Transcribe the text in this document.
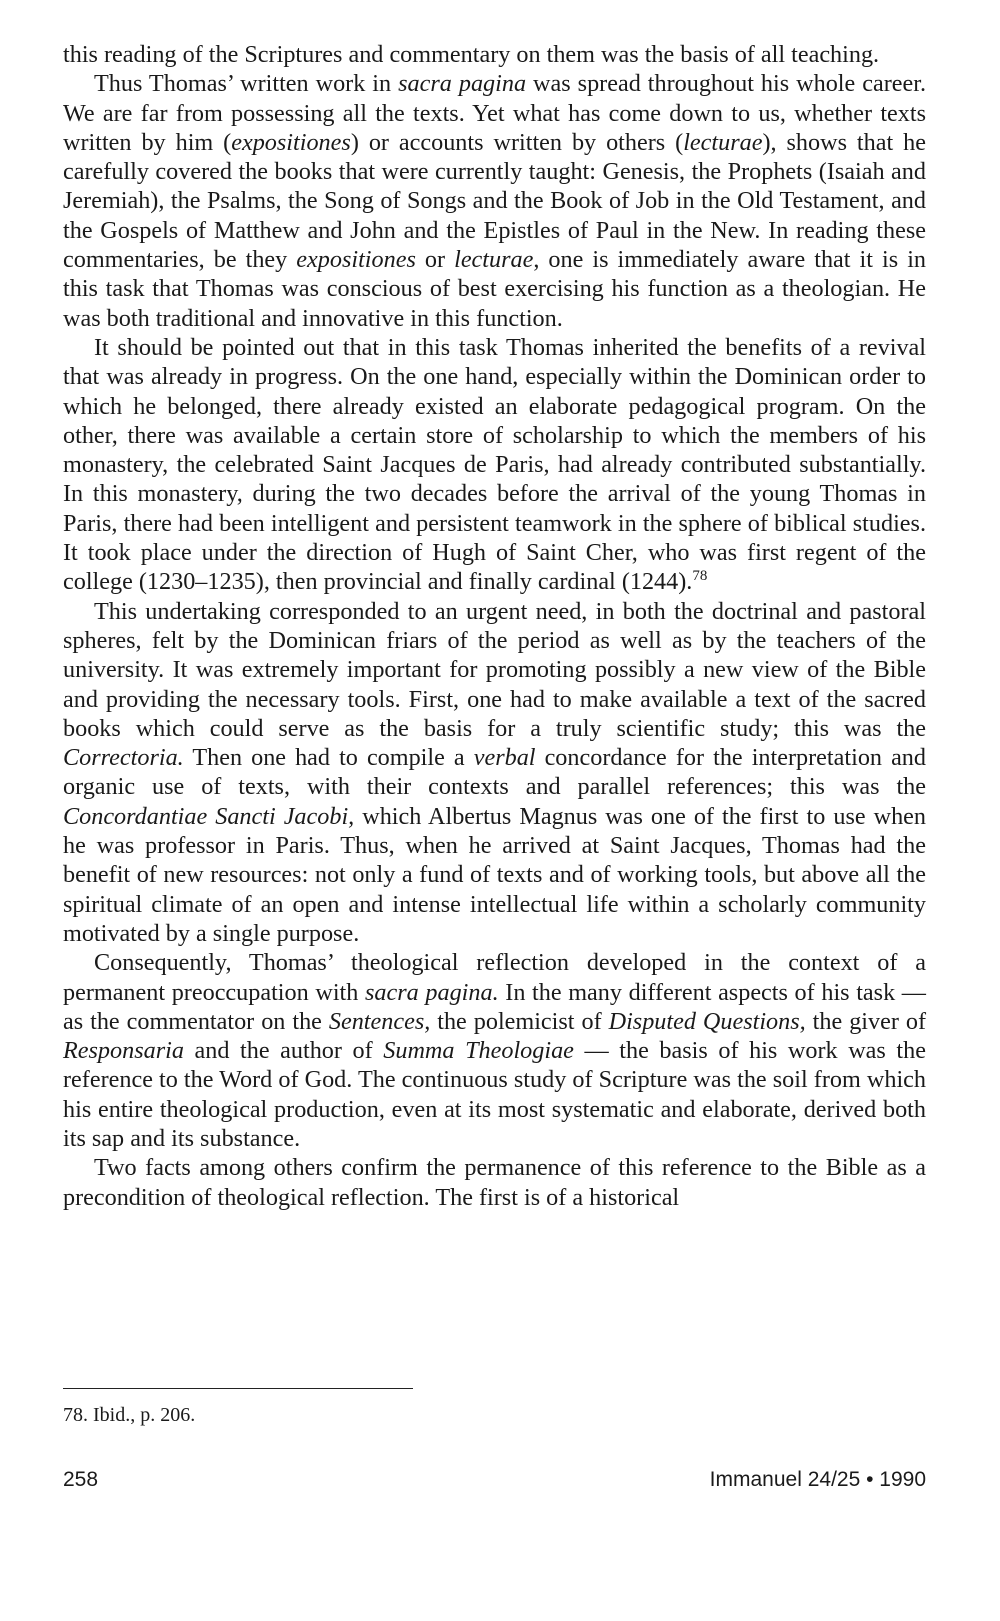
this reading of the Scriptures and commentary on them was the basis of all teaching.

Thus Thomas’ written work in sacra pagina was spread throughout his whole career. We are far from possessing all the texts. Yet what has come down to us, whether texts written by him (expositiones) or accounts written by others (lecturae), shows that he carefully covered the books that were currently taught: Genesis, the Prophets (Isaiah and Jeremiah), the Psalms, the Song of Songs and the Book of Job in the Old Testament, and the Gospels of Matthew and John and the Epistles of Paul in the New. In reading these commentaries, be they expositiones or lecturae, one is immediately aware that it is in this task that Thomas was conscious of best exercising his function as a theologian. He was both traditional and innovative in this function.

It should be pointed out that in this task Thomas inherited the benefits of a revival that was already in progress. On the one hand, especially within the Dominican order to which he belonged, there already existed an elaborate pedagogical program. On the other, there was available a certain store of scholarship to which the members of his monastery, the celebrated Saint Jacques de Paris, had already contributed substantially. In this monastery, during the two decades before the arrival of the young Thomas in Paris, there had been intelligent and persistent teamwork in the sphere of biblical studies. It took place under the direction of Hugh of Saint Cher, who was first regent of the college (1230–1235), then provincial and finally cardinal (1244).$^{78}$

This undertaking corresponded to an urgent need, in both the doctrinal and pastoral spheres, felt by the Dominican friars of the period as well as by the teachers of the university. It was extremely important for promoting possibly a new view of the Bible and providing the necessary tools. First, one had to make available a text of the sacred books which could serve as the basis for a truly scientific study; this was the Correctoria. Then one had to compile a verbal concordance for the interpretation and organic use of texts, with their contexts and parallel references; this was the Concordantiae Sancti Jacobi, which Albertus Magnus was one of the first to use when he was professor in Paris. Thus, when he arrived at Saint Jacques, Thomas had the benefit of new resources: not only a fund of texts and of working tools, but above all the spiritual climate of an open and intense intellectual life within a scholarly community motivated by a single purpose.

Consequently, Thomas’ theological reflection developed in the context of a permanent preoccupation with sacra pagina. In the many different aspects of his task — as the commentator on the Sentences, the polemicist of Disputed Questions, the giver of Responsaria and the author of Summa Theologiae — the basis of his work was the reference to the Word of God. The continuous study of Scripture was the soil from which his entire theological production, even at its most systematic and elaborate, derived both its sap and its substance.

Two facts among others confirm the permanence of this reference to the Bible as a precondition of theological reflection. The first is of a historical

78. Ibid., p. 206.
258	Immanuel 24/25 • 1990
